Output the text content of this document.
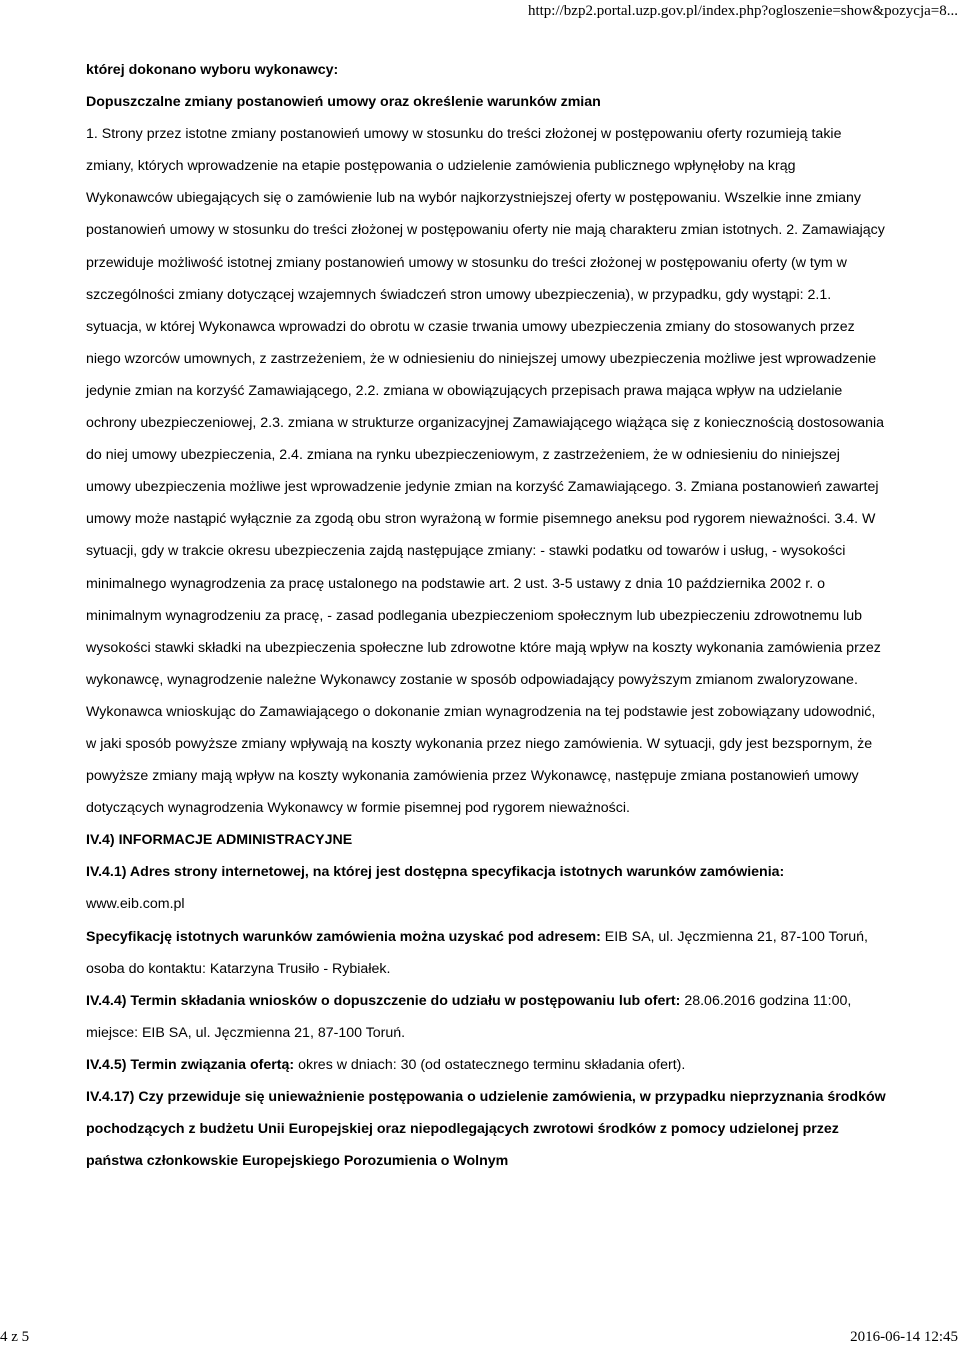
http://bzp2.portal.uzp.gov.pl/index.php?ogloszenie=show&pozycja=8...

której dokonano wyboru wykonawcy:

Dopuszczalne zmiany postanowień umowy oraz określenie warunków zmian

1. Strony przez istotne zmiany postanowień umowy w stosunku do treści złożonej w postępowaniu oferty rozumieją takie zmiany, których wprowadzenie na etapie postępowania o udzielenie zamówienia publicznego wpłynęłoby na krąg Wykonawców ubiegających się o zamówienie lub na wybór najkorzystniejszej oferty w postępowaniu. Wszelkie inne zmiany postanowień umowy w stosunku do treści złożonej w postępowaniu oferty nie mają charakteru zmian istotnych. 2. Zamawiający przewiduje możliwość istotnej zmiany postanowień umowy w stosunku do treści złożonej w postępowaniu oferty (w tym w szczególności zmiany dotyczącej wzajemnych świadczeń stron umowy ubezpieczenia), w przypadku, gdy wystąpi: 2.1. sytuacja, w której Wykonawca wprowadzi do obrotu w czasie trwania umowy ubezpieczenia zmiany do stosowanych przez niego wzorców umownych, z zastrzeżeniem, że w odniesieniu do niniejszej umowy ubezpieczenia możliwe jest wprowadzenie jedynie zmian na korzyść Zamawiającego, 2.2. zmiana w obowiązujących przepisach prawa mająca wpływ na udzielanie ochrony ubezpieczeniowej, 2.3. zmiana w strukturze organizacyjnej Zamawiającego wiążąca się z koniecznością dostosowania do niej umowy ubezpieczenia, 2.4. zmiana na rynku ubezpieczeniowym, z zastrzeżeniem, że w odniesieniu do niniejszej umowy ubezpieczenia możliwe jest wprowadzenie jedynie zmian na korzyść Zamawiającego. 3. Zmiana postanowień zawartej umowy może nastąpić wyłącznie za zgodą obu stron wyrażoną w formie pisemnego aneksu pod rygorem nieważności. 3.4. W sytuacji, gdy w trakcie okresu ubezpieczenia zajdą następujące zmiany: - stawki podatku od towarów i usług, - wysokości minimalnego wynagrodzenia za pracę ustalonego na podstawie art. 2 ust. 3-5 ustawy z dnia 10 października 2002 r. o minimalnym wynagrodzeniu za pracę, - zasad podlegania ubezpieczeniom społecznym lub ubezpieczeniu zdrowotnemu lub wysokości stawki składki na ubezpieczenia społeczne lub zdrowotne które mają wpływ na koszty wykonania zamówienia przez wykonawcę, wynagrodzenie należne Wykonawcy zostanie w sposób odpowiadający powyższym zmianom zwaloryzowane. Wykonawca wnioskując do Zamawiającego o dokonanie zmian wynagrodzenia na tej podstawie jest zobowiązany udowodnić, w jaki sposób powyższe zmiany wpływają na koszty wykonania przez niego zamówienia. W sytuacji, gdy jest bezspornym, że powyższe zmiany mają wpływ na koszty wykonania zamówienia przez Wykonawcę, następuje zmiana postanowień umowy dotyczących wynagrodzenia Wykonawcy w formie pisemnej pod rygorem nieważności.

IV.4) INFORMACJE ADMINISTRACYJNE

IV.4.1) Adres strony internetowej, na której jest dostępna specyfikacja istotnych warunków zamówienia:

www.eib.com.pl

Specyfikację istotnych warunków zamówienia można uzyskać pod adresem: EIB SA, ul. Jęczmienna 21, 87-100 Toruń, osoba do kontaktu: Katarzyna Trusiło - Rybiałek.

IV.4.4) Termin składania wniosków o dopuszczenie do udziału w postępowaniu lub ofert: 28.06.2016 godzina 11:00, miejsce: EIB SA, ul. Jęczmienna 21, 87-100 Toruń.

IV.4.5) Termin związania ofertą: okres w dniach: 30 (od ostatecznego terminu składania ofert).

IV.4.17) Czy przewiduje się unieważnienie postępowania o udzielenie zamówienia, w przypadku nieprzyznania środków pochodzących z budżetu Unii Europejskiej oraz niepodlegających zwrotowi środków z pomocy udzielonej przez państwa członkowskie Europejskiego Porozumienia o Wolnym

4 z 5	2016-06-14 12:45
